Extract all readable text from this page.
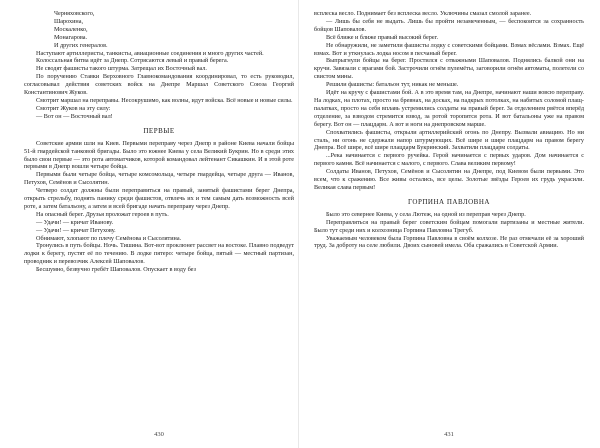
Черняховского,

Шарохина,

Москаленко,

Монагарова.

И других генералов.

Наступают артиллеристы, танкисты, авиационные соединения и много других частей.

Колоссальная битва идёт за Днепр. Сотрясаются левый и правый берега.

Не сводят фашисты такого штурма. Затрещал их Восточный вал.

По поручению Ставки Верховного Главнокомандования координировал, то есть руководил, согласовывал действия советских войск на Днепре Маршал Советского Союза Георгий Константинович Жуков.

Смотрит маршал на переправы. Несокрушимо, как волны, идут войска. Всё новые и новые силы.

Смотрит Жуков на эту силу:

— Вот он — Восточный вал!

ПЕРВЫЕ

Советские армии шли на Киев. Первыми переправу через Днепр в районе Киева начали бойцы 51-й гвардейской танковой бригады. Было это южнее Киева у села Великий Букрин. Но в среди этих было свои первые — это рота автоматчиков, которой командовал лейтенант Сикашкин. И в этой роте первыми в Днепр вошли четыре бойца.

Первыми были четыре бойца, четыре комсомольца, четыре гвардейца, четыре друга — Иванов, Петухов, Семёнов и Сысолятин.

Четверо солдат должны были переправиться на правый, занятый фашистами берег Днепра, открыть стрельбу, поднять панику среди фашистов, отвлечь их и тем самым дать возможность всей роте, а затем батальону, а затем и всей бригаде начать переправу через Днепр.

На опасный берег. Друзья проложат героев в путь.

— Удачи! — кричат Иванову.

— Удачи! — кричат Петухову.

Обнимают, хлопают по плечу Семёнова и Сысолятина.

Тронулись в путь бойцы. Ночь. Тишина. Вот-вот проклюнет рассвет на востоке. Плавно подведут лодки к берегу, пустят её по течению. В лодке пятеро: четыре бойца, пятый — местный партизан, проводник и перевозчик Алексей Шаповалов.

Бесшумно, безвучно гребёт Шаповалов. Опускает в воду без

430

всплеска весло. Поднимает без всплеска весло. Уключины смазал смолой заранее.

— Лишь бы себя не выдать. Лишь бы пройти незамеченным, — беспокоится за сохранность бойцов Шаповалов.

Всё ближе и ближе правый высокий берег.

Не обнаружили, не заметили фашисты лодку с советскими бойцами. Взмах вёслами. Взмах. Ещё взмах. Вот и уткнулась лодка носом в песчаный берег.

Выпрыгнули бойцы на берег. Простился с отважными Шаповалов. Поднялись балкой они на кручи. Завязали с врагами бой. Застрочили огнём пулемёты, заговорили огнём автоматы, полетели со свистом мины.

Решили фашисты: батальон тут, никак не меньше.

Идёт на кручу с фашистами бой. А в это время там, на Днепре, начинают наши вовсю переправу. На лодках, на плотах, просто на бревнах, на досках, на падкрых потолках, на набитых соломой плащ-палатках, просто на себя вплавь устремились солдаты на правый берег. За отделением рвётся вперёд отделение, за взводом стремится взвод, за ротой торопится рота. И вот батальоны уже на правом берегу. Вот он — плацдарм. А вот и ноги на днепровском марше.

Спохватились фашисты, открыли артиллерийский огонь по Днепру. Вызвали авиацию. Но ни сталь, ни огонь не сдержали напор штурмующих. Всё шире и шире плацдарм на правом берегу Днепра. Всё шире, всё шире плацдарм Букринский. Захватили плацдарм солдаты.

...Река начинается с первого ручейка. Герой начинается с первых ударов. Дом начинается с первого камня. Всё начинается с малого, с первого. Слава великим первому!

Солдаты Иванов, Петухов, Семёнов и Сысолятин на Днепре, под Киевом были первыми. Это всем, что к сражению. Все живы остались, все целы. Золотые звёзды Героев их грудь украсили. Великая слава первым!

ГОРПИНА ПАВЛОВНА

Было это севернее Киева, у села Лютеж, на одной из переправ через Днепр.

Переправляться на правый берег советским бойцам помогали партизаны и местные жители. Было тут среди них и колхозница Горпина Павловна Трегуб.

Уважаемым человеком была Горпина Павловна в своём колхозе. Не раз отмечали её за хороший труд. За доброту на селе любили. Двоих сыновей имела. Оба сражались в Советской Армии.

431
